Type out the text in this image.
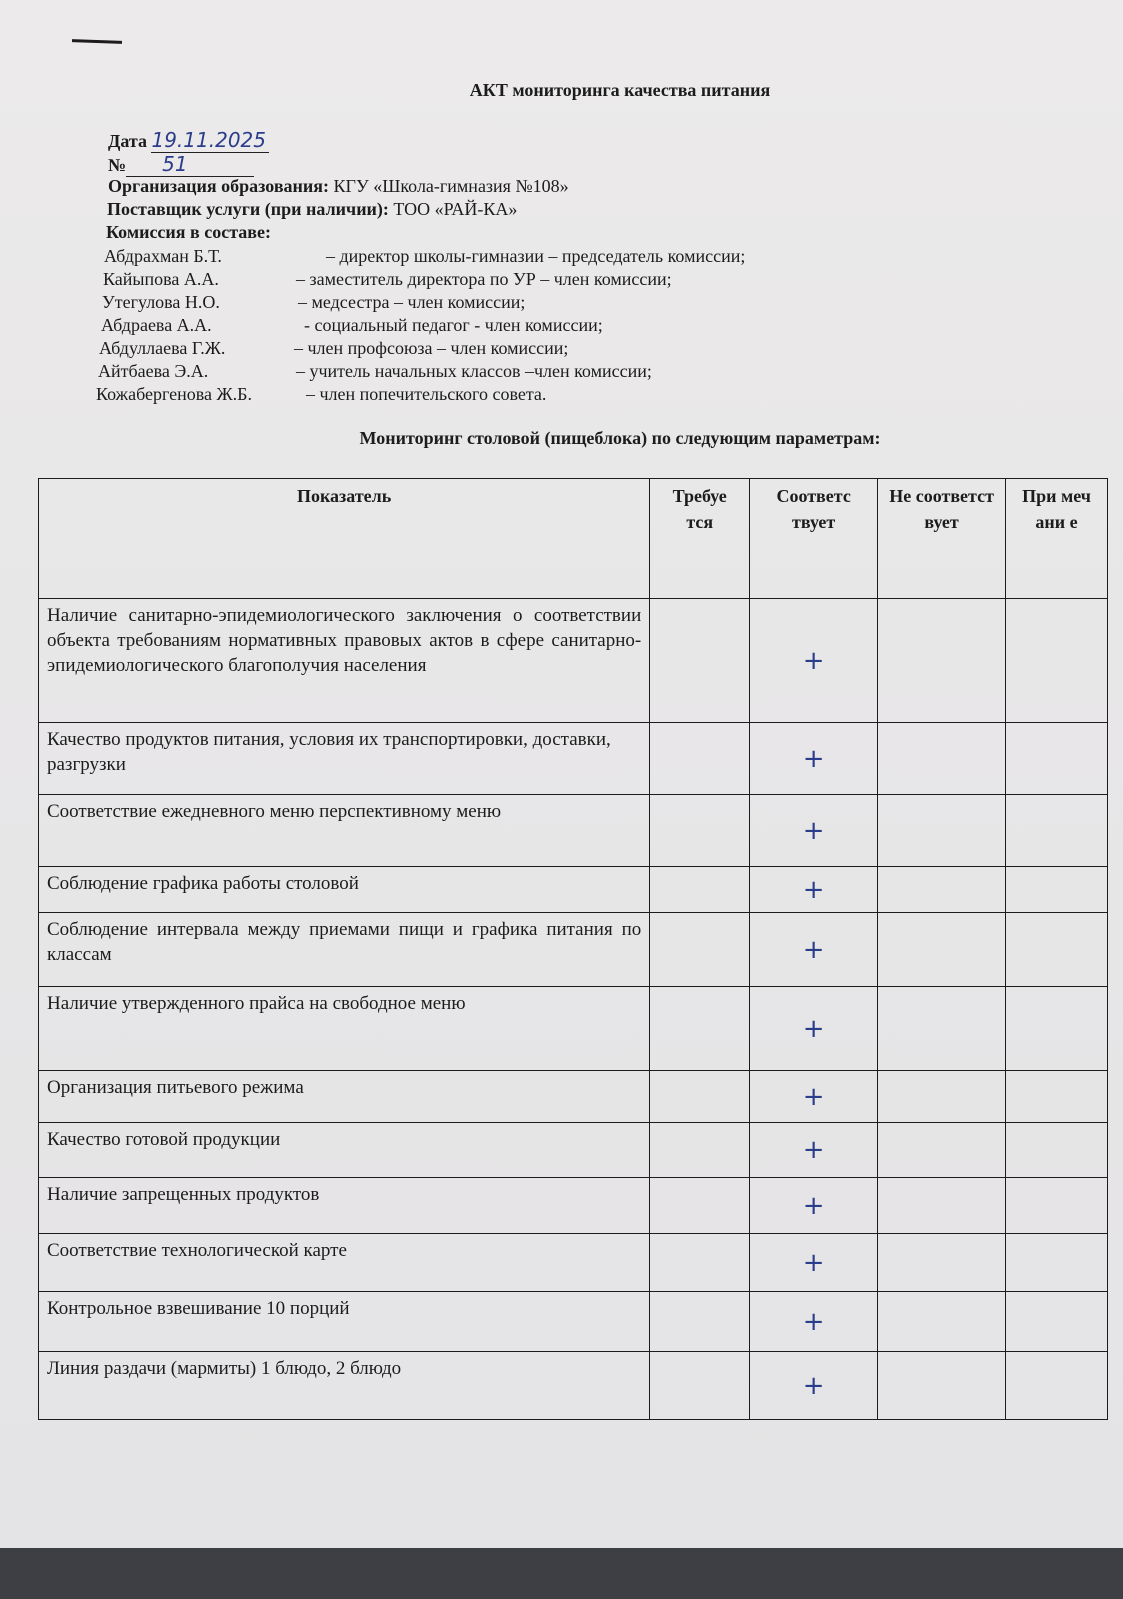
АКТ мониторинга качества питания
Дата 19.11.2025
№ 51
Организация образования: КГУ «Школа-гимназия №108»
Поставщик услуги (при наличии): ТОО «РАЙ-КА»
Комиссия в составе:
Абдрахман Б.Т.	– директор школы-гимназии – председатель комиссии;
Кайыпова А.А.	– заместитель директора по УР – член комиссии;
Утегулова Н.О.	– медсестра – член комиссии;
Абдраева А.А.	- социальный педагог - член комиссии;
Абдуллаева Г.Ж.	– член профсоюза – член комиссии;
Айтбаева Э.А.	– учитель начальных классов –член комиссии;
Кожабергенова Ж.Б.	– член попечительского совета.
Мониторинг столовой (пищеблока) по следующим параметрам:
Показатель	Требуе тся	Соответс твует	Не соответст вует	При меч ани е
Наличие санитарно-эпидемиологического заключения о соответствии объекта требованиям нормативных правовых актов в сфере санитарно-эпидемиологического благополучия населения		+		
Качество продуктов питания, условия их транспортировки, доставки, разгрузки		+		
Соответствие ежедневного меню перспективному меню		+		
Соблюдение графика работы столовой		+		
Соблюдение интервала между приемами пищи и графика питания по классам		+		
Наличие утвержденного прайса на свободное меню		+		
Организация питьевого режима		+		
Качество готовой продукции		+		
Наличие запрещенных продуктов		+		
Соответствие технологической карте		+		
Контрольное взвешивание 10 порций		+		
Линия раздачи (мармиты) 1 блюдо, 2 блюдо		+		
